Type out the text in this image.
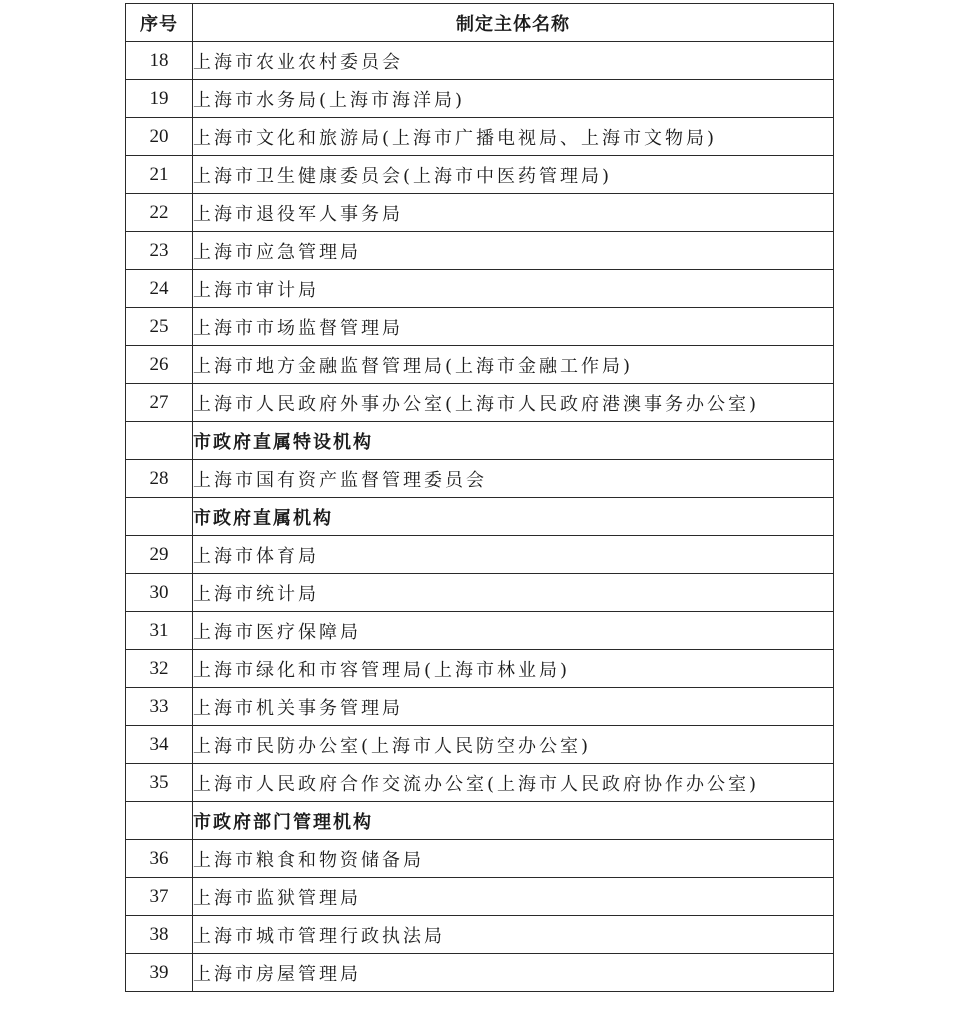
序号	制定主体名称
18	上海市农业农村委员会
19	上海市水务局(上海市海洋局)
20	上海市文化和旅游局(上海市广播电视局、上海市文物局)
21	上海市卫生健康委员会(上海市中医药管理局)
22	上海市退役军人事务局
23	上海市应急管理局
24	上海市审计局
25	上海市市场监督管理局
26	上海市地方金融监督管理局(上海市金融工作局)
27	上海市人民政府外事办公室(上海市人民政府港澳事务办公室)
	市政府直属特设机构
28	上海市国有资产监督管理委员会
	市政府直属机构
29	上海市体育局
30	上海市统计局
31	上海市医疗保障局
32	上海市绿化和市容管理局(上海市林业局)
33	上海市机关事务管理局
34	上海市民防办公室(上海市人民防空办公室)
35	上海市人民政府合作交流办公室(上海市人民政府协作办公室)
	市政府部门管理机构
36	上海市粮食和物资储备局
37	上海市监狱管理局
38	上海市城市管理行政执法局
39	上海市房屋管理局
